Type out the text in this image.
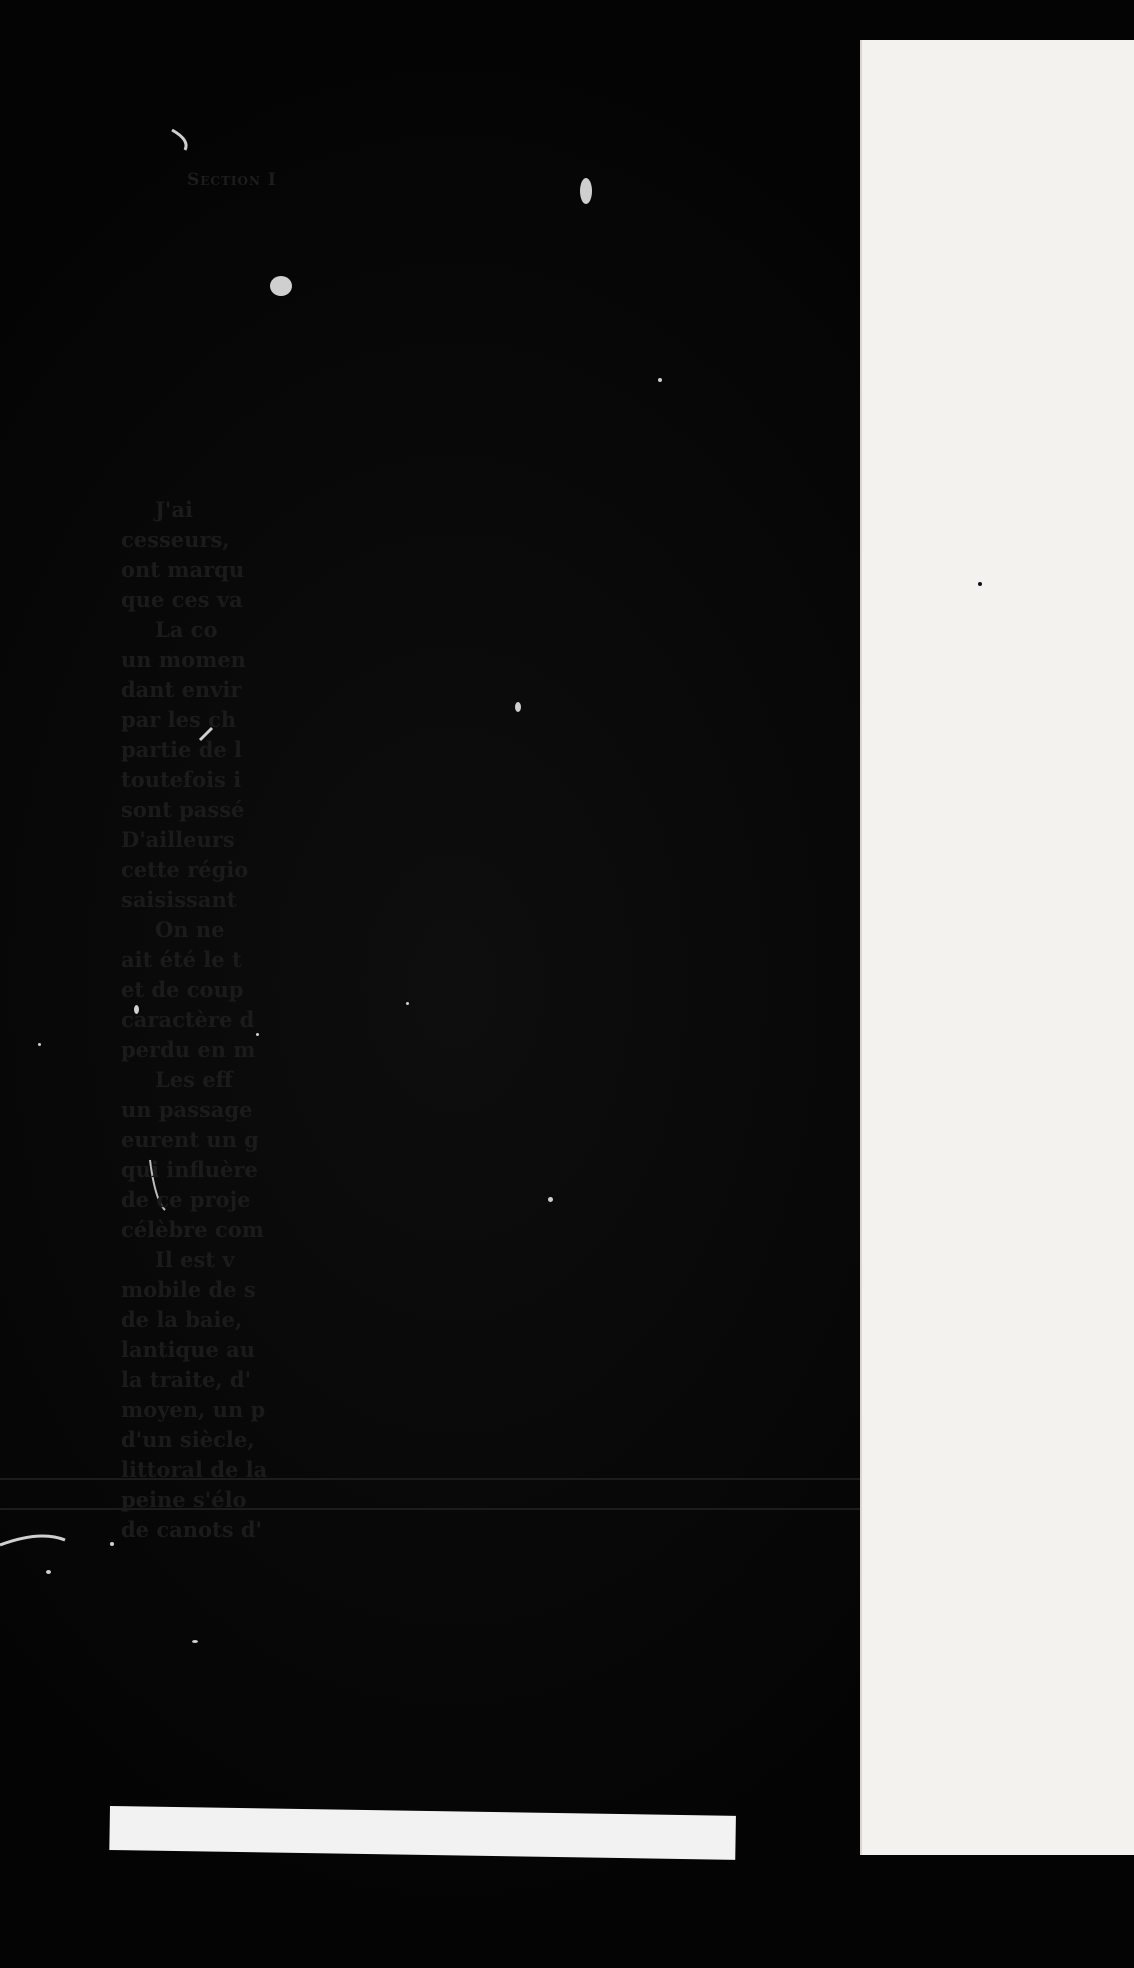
Section I
J'ai
cesseurs,
ont marqu
que ces va
La co
un momen
dant envir
par les ch
partie de l
toutefois i
sont passé
D'ailleurs
cette régio
saisissant
On ne
ait été le t
et de coup
caractère d
perdu en m
Les eff
un passage
eurent un g
qui influère
de ce proje
célèbre com
Il est v
mobile de s
de la baie,
lantique au
la traite, d'
moyen, un p
d'un siècle,
littoral de la
peine s'élo
de canots d'
